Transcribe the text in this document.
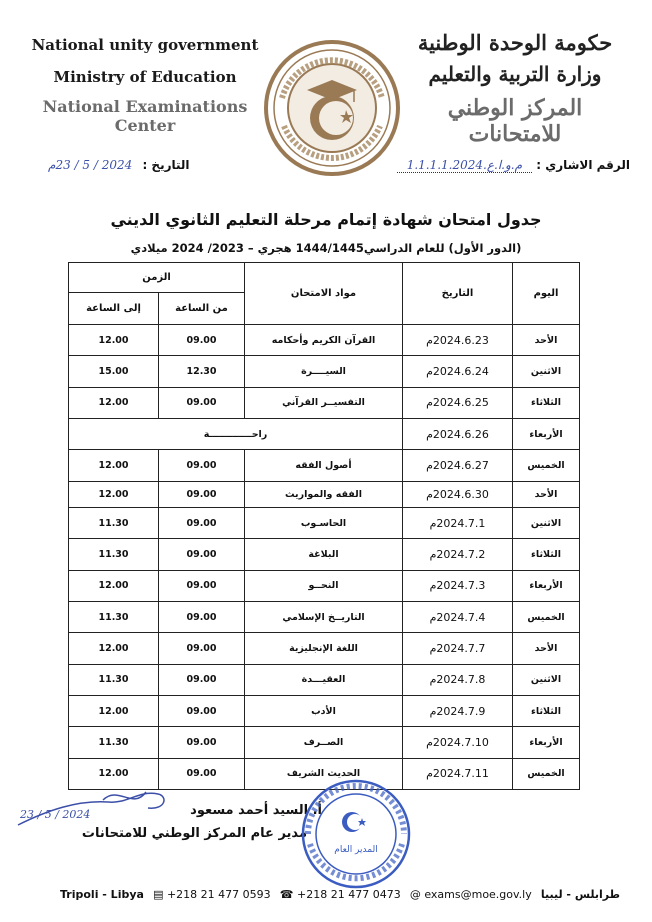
National unity government
Ministry of Education
National Examinations Center
حكومة الوحدة الوطنية
وزارة التربية والتعليم
المركز الوطني للامتحانات
الرقم الاشاري : م.و.ا.ع.1.1.1.1.2024
التاريخ : 2024 / 5 / 23م
جدول امتحان شهادة إتمام مرحلة التعليم الثانوي الديني
(الدور الأول) للعام الدراسي1444/1445 هجري – 2023/ 2024 ميلادي
اليوم	التاريخ	مواد الامتحان	الزمن	
			من الساعة	إلى الساعة
الأحد	2024.6.23م	القرآن الكريم وأحكامه	09.00	12.00
الاثنين	2024.6.24م	السيــــرة	12.30	15.00
الثلاثاء	2024.6.25م	التفسيــر القرآني	09.00	12.00
الأربعاء	2024.6.26م	راحـــــــــــــة		
الخميس	2024.6.27م	أصول الفقه	09.00	12.00
الأحد	2024.6.30م	الفقه والمواريث	09.00	12.00
الاثنين	2024.7.1م	الحاسـوب	09.00	11.30
الثلاثاء	2024.7.2م	البلاغة	09.00	11.30
الأربعاء	2024.7.3م	النحــو	09.00	12.00
الخميس	2024.7.4م	التاريــخ الإسلامي	09.00	11.30
الأحد	2024.7.7م	اللغة الإنجليزية	09.00	12.00
الاثنين	2024.7.8م	العقيـــدة	09.00	11.30
الثلاثاء	2024.7.9م	الأدب	09.00	12.00
الأربعاء	2024.7.10م	الصــرف	09.00	11.30
الخميس	2024.7.11م	الحديث الشريف	09.00	12.00
23 / 5 / 2024	أ. السيد أحمد مسعود
مدير عام المركز الوطني للامتحانات
المدير العام
Tripoli - Libya ▤ +218 21 477 0593 ☎ +218 21 477 0473 @ exams@moe.gov.ly طرابلس - ليبيا
